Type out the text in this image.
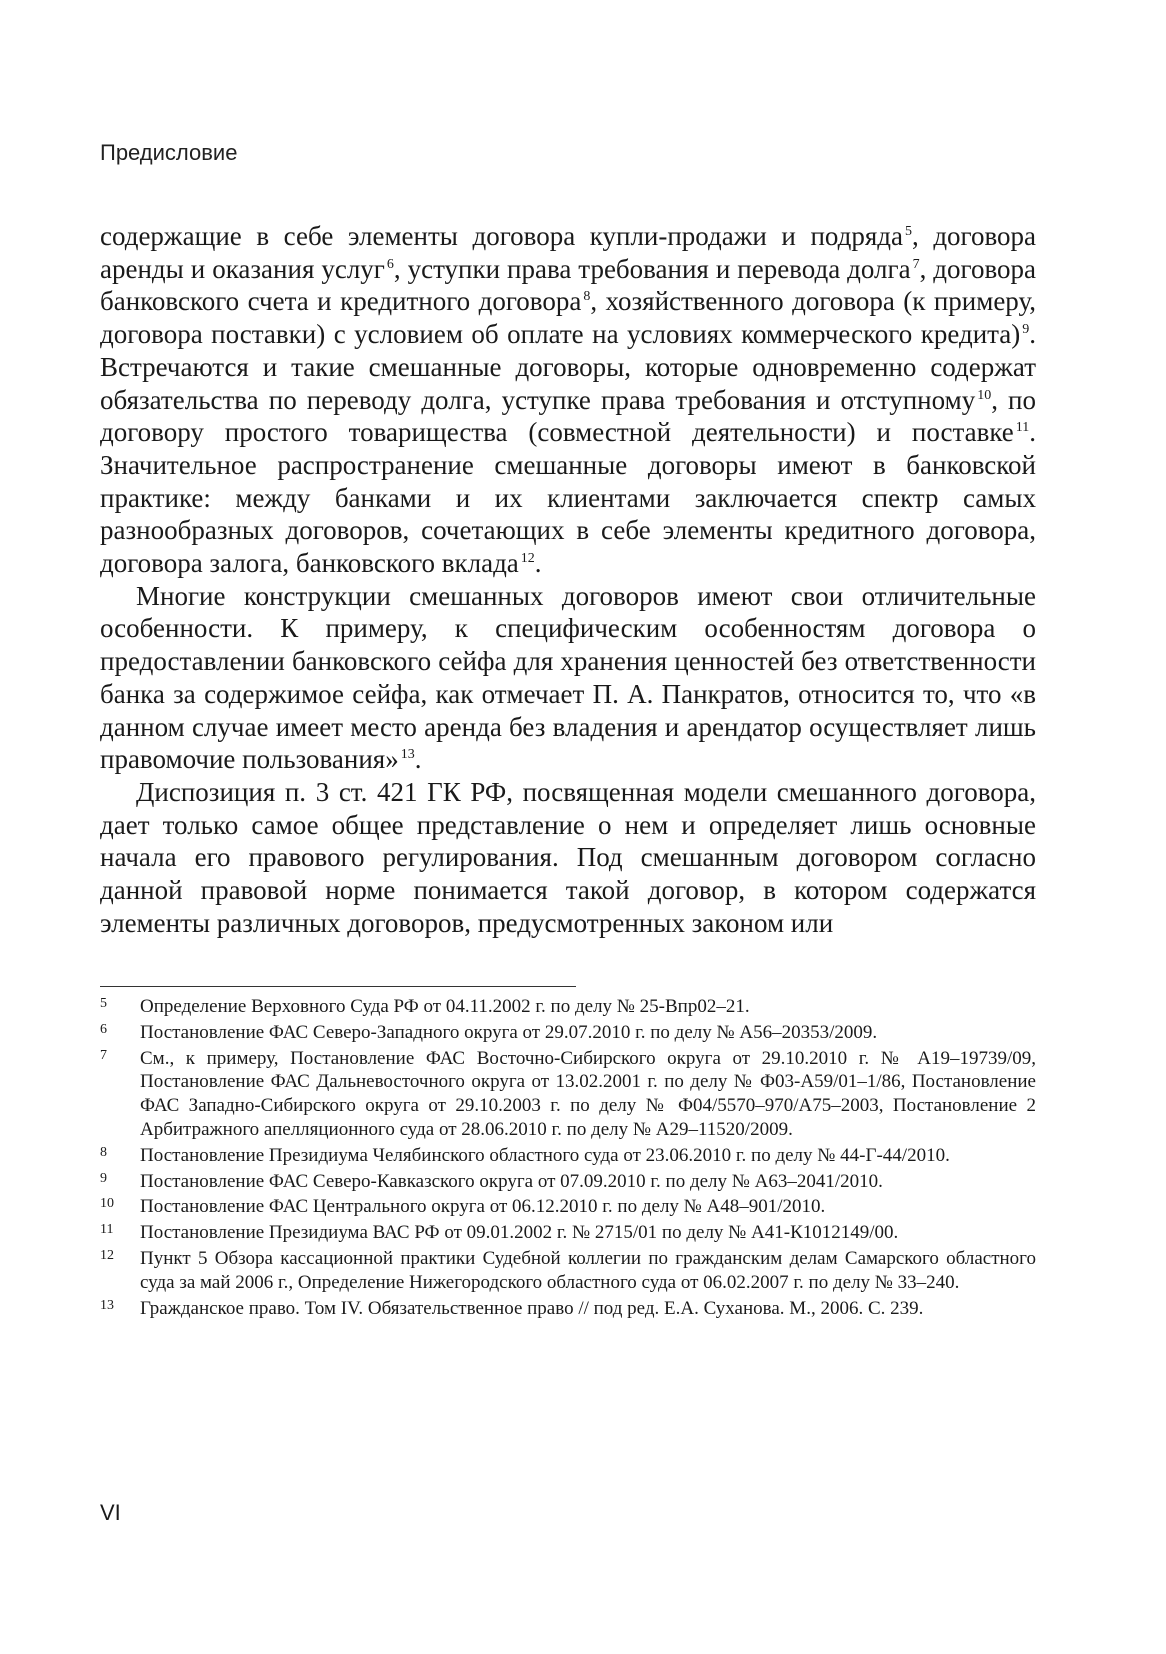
Предисловие

содержащие в себе элементы договора купли-продажи и подряда $^5$, договора аренды и оказания услуг $^6$, уступки права требования и перевода долга $^7$, договора банковского счета и кредитного договора $^8$, хозяйственного договора (к примеру, договора поставки) с условием об оплате на условиях коммерческого кредита) $^9$. Встречаются и такие смешанные договоры, которые одновременно содержат обязательства по переводу долга, уступке права требования и отступному $^{10}$, по договору простого товарищества (совместной деятельности) и поставке $^{11}$. Значительное распространение смешанные договоры имеют в банковской практике: между банками и их клиентами заключается спектр самых разнообразных договоров, сочетающих в себе элементы кредитного договора, договора залога, банковского вклада $^{12}$.

Многие конструкции смешанных договоров имеют свои отличительные особенности. К примеру, к специфическим особенностям договора о предоставлении банковского сейфа для хранения ценностей без ответственности банка за содержимое сейфа, как отмечает П. А. Панкратов, относится то, что «в данном случае имеет место аренда без владения и арендатор осуществляет лишь правомочие пользования» $^{13}$.

Диспозиция п. 3 ст. 421 ГК РФ, посвященная модели смешанного договора, дает только самое общее представление о нем и определяет лишь основные начала его правового регулирования. Под смешанным договором согласно данной правовой норме понимается такой договор, в котором содержатся элементы различных договоров, предусмотренных законом или

5	Определение Верховного Суда РФ от 04.11.2002 г. по делу № 25-Впр02–21.
6	Постановление ФАС Северо-Западного округа от 29.07.2010 г. по делу № А56–20353/2009.
7	См., к примеру, Постановление ФАС Восточно-Сибирского округа от 29.10.2010 г. № А19–19739/09, Постановление ФАС Дальневосточного округа от 13.02.2001 г. по делу № Ф03-А59/01–1/86, Постановление ФАС Западно-Сибирского округа от 29.10.2003 г. по делу № Ф04/5570–970/А75–2003, Постановление 2 Арбитражного апелляционного суда от 28.06.2010 г. по делу № А29–11520/2009.
8	Постановление Президиума Челябинского областного суда от 23.06.2010 г. по делу № 44-Г-44/2010.
9	Постановление ФАС Северо-Кавказского округа от 07.09.2010 г. по делу № А63–2041/2010.
10	Постановление ФАС Центрального округа от 06.12.2010 г. по делу № А48–901/2010.
11	Постановление Президиума ВАС РФ от 09.01.2002 г. № 2715/01 по делу № А41-К1012149/00.
12	Пункт 5 Обзора кассационной практики Судебной коллегии по гражданским делам Самарского областного суда за май 2006 г., Определение Нижегородского областного суда от 06.02.2007 г. по делу № 33–240.
13	Гражданское право. Том IV. Обязательственное право // под ред. Е.А. Суханова. М., 2006. С. 239.
VI
